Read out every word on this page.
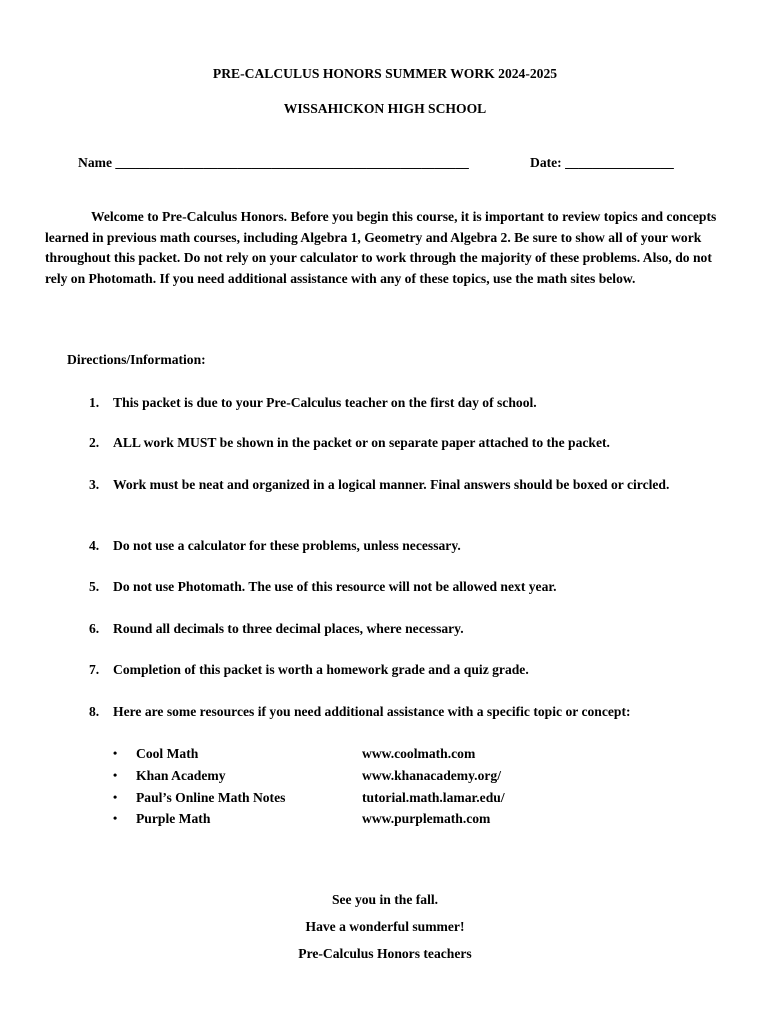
PRE-CALCULUS HONORS SUMMER WORK 2024-2025
WISSAHICKON HIGH SCHOOL
Name ____________________________________________________	Date: ________________
Welcome to Pre-Calculus Honors. Before you begin this course, it is important to review topics and concepts learned in previous math courses, including Algebra 1, Geometry and Algebra 2. Be sure to show all of your work throughout this packet. Do not rely on your calculator to work through the majority of these problems. Also, do not rely on Photomath. If you need additional assistance with any of these topics, use the math sites below.
Directions/Information:
1.	This packet is due to your Pre-Calculus teacher on the first day of school.
2.	ALL work MUST be shown in the packet or on separate paper attached to the packet.
3.	Work must be neat and organized in a logical manner. Final answers should be boxed or circled.
4.	Do not use a calculator for these problems, unless necessary.
5.	Do not use Photomath. The use of this resource will not be allowed next year.
6.	Round all decimals to three decimal places, where necessary.
7.	Completion of this packet is worth a homework grade and a quiz grade.
8.	Here are some resources if you need additional assistance with a specific topic or concept:
• Cool Math	www.coolmath.com
• Khan Academy	www.khanacademy.org/
• Paul’s Online Math Notes	tutorial.math.lamar.edu/
• Purple Math	www.purplemath.com
See you in the fall.
Have a wonderful summer!
Pre-Calculus Honors teachers
